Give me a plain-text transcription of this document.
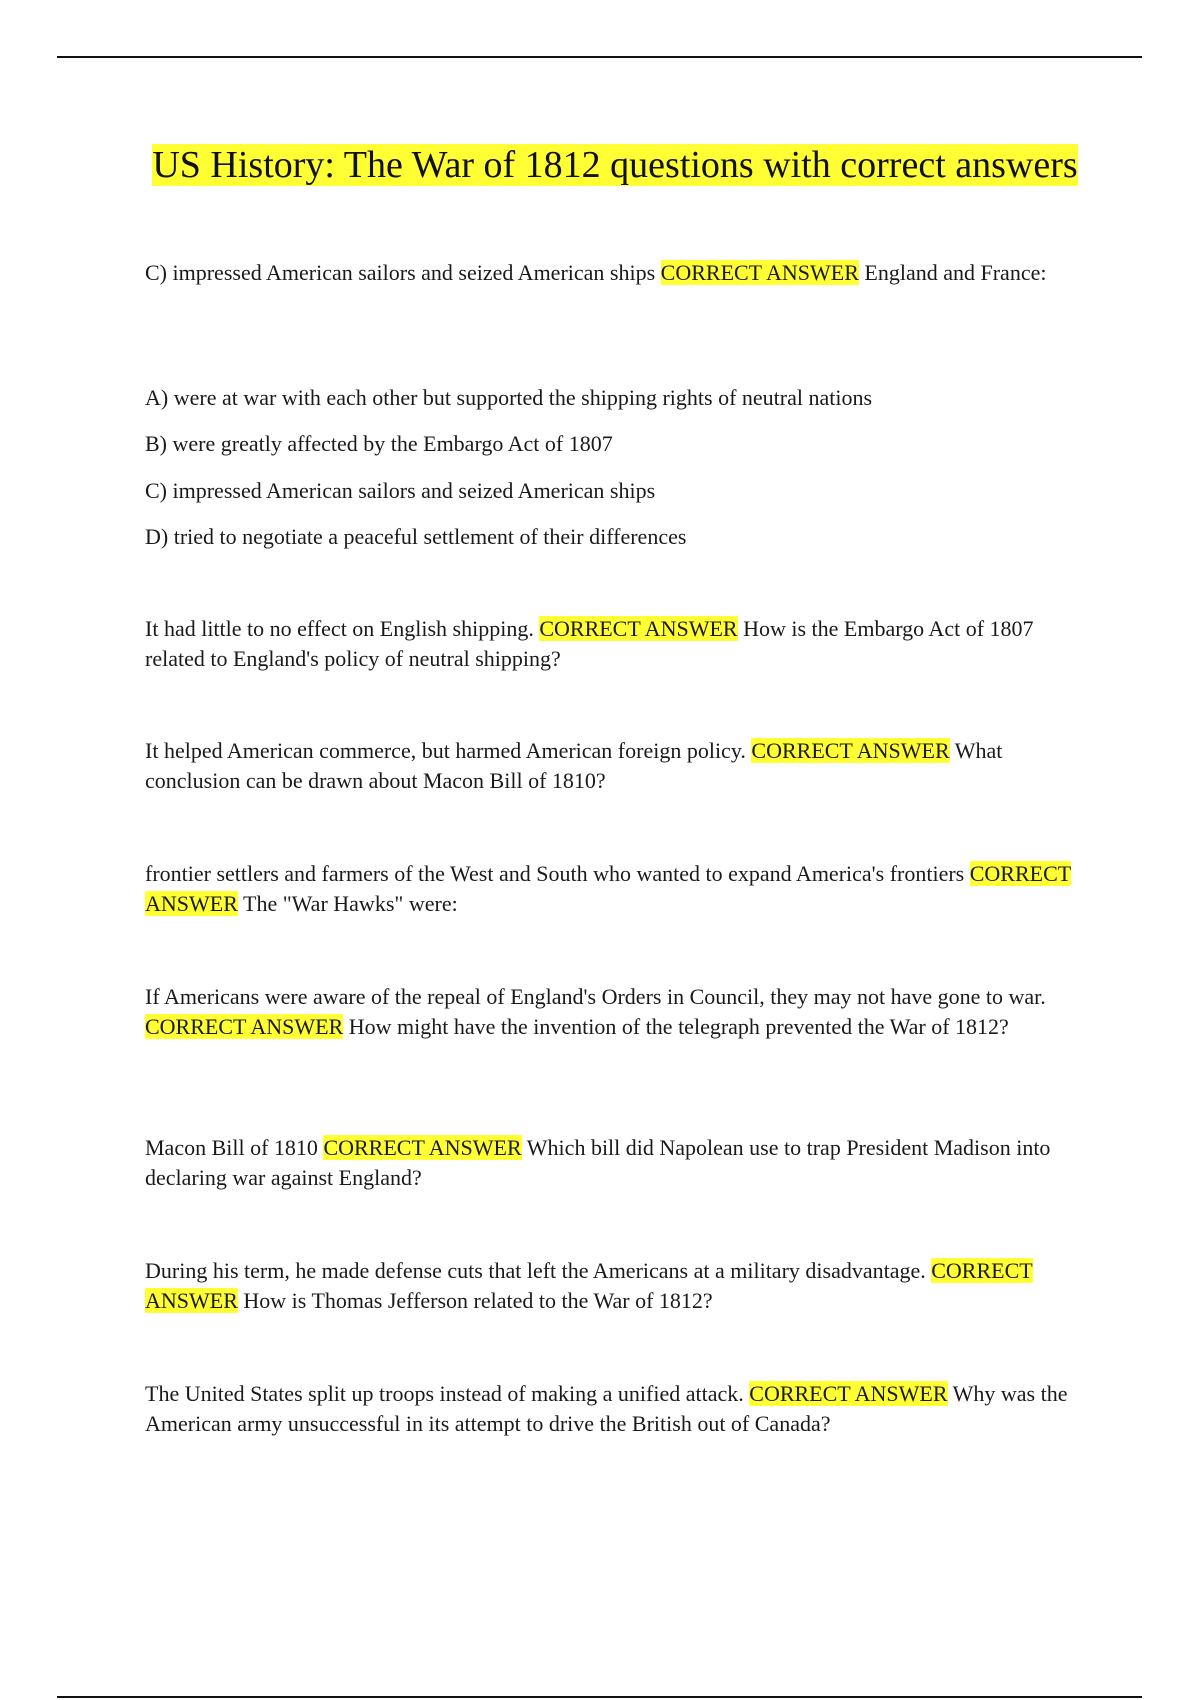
US History: The War of 1812 questions with correct answers

C) impressed American sailors and seized American ships CORRECT ANSWER England and France:

A) were at war with each other but supported the shipping rights of neutral nations

B) were greatly affected by the Embargo Act of 1807

C) impressed American sailors and seized American ships

D) tried to negotiate a peaceful settlement of their differences

It had little to no effect on English shipping. CORRECT ANSWER How is the Embargo Act of 1807 related to England's policy of neutral shipping?

It helped American commerce, but harmed American foreign policy. CORRECT ANSWER What conclusion can be drawn about Macon Bill of 1810?

frontier settlers and farmers of the West and South who wanted to expand America's frontiers CORRECT ANSWER The "War Hawks" were:

If Americans were aware of the repeal of England's Orders in Council, they may not have gone to war. CORRECT ANSWER How might have the invention of the telegraph prevented the War of 1812?

Macon Bill of 1810 CORRECT ANSWER Which bill did Napolean use to trap President Madison into declaring war against England?

During his term, he made defense cuts that left the Americans at a military disadvantage. CORRECT ANSWER How is Thomas Jefferson related to the War of 1812?

The United States split up troops instead of making a unified attack. CORRECT ANSWER Why was the American army unsuccessful in its attempt to drive the British out of Canada?
